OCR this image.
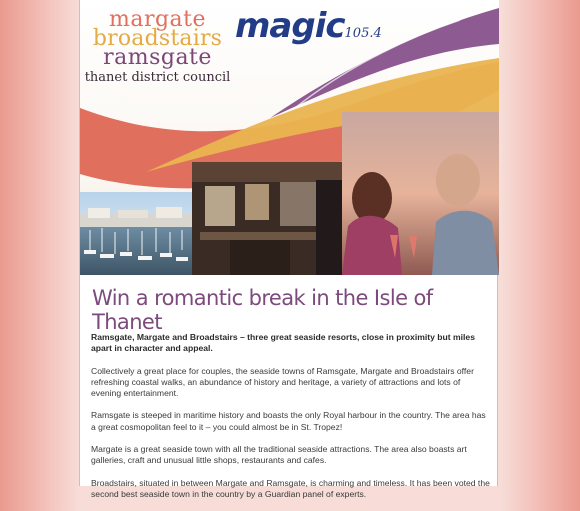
margate
broadstairs
ramsgate
thanet district council
magic105.4
Win a romantic break in the Isle of Thanet

Ramsgate, Margate and Broadstairs – three great seaside resorts, close in proximity but miles apart in character and appeal.

Collectively a great place for couples, the seaside towns of Ramsgate, Margate and Broadstairs offer refreshing coastal walks, an abundance of history and heritage, a variety of attractions and lots of evening entertainment.

Ramsgate is steeped in maritime history and boasts the only Royal harbour in the country. The area has a great cosmopolitan feel to it – you could almost be in St. Tropez!

Margate is a great seaside town with all the traditional seaside attractions. The area also boasts art galleries, craft and unusual little shops, restaurants and cafes.

Broadstairs, situated in between Margate and Ramsgate, is charming and timeless. It has been voted the second best seaside town in the country by a Guardian panel of experts.
